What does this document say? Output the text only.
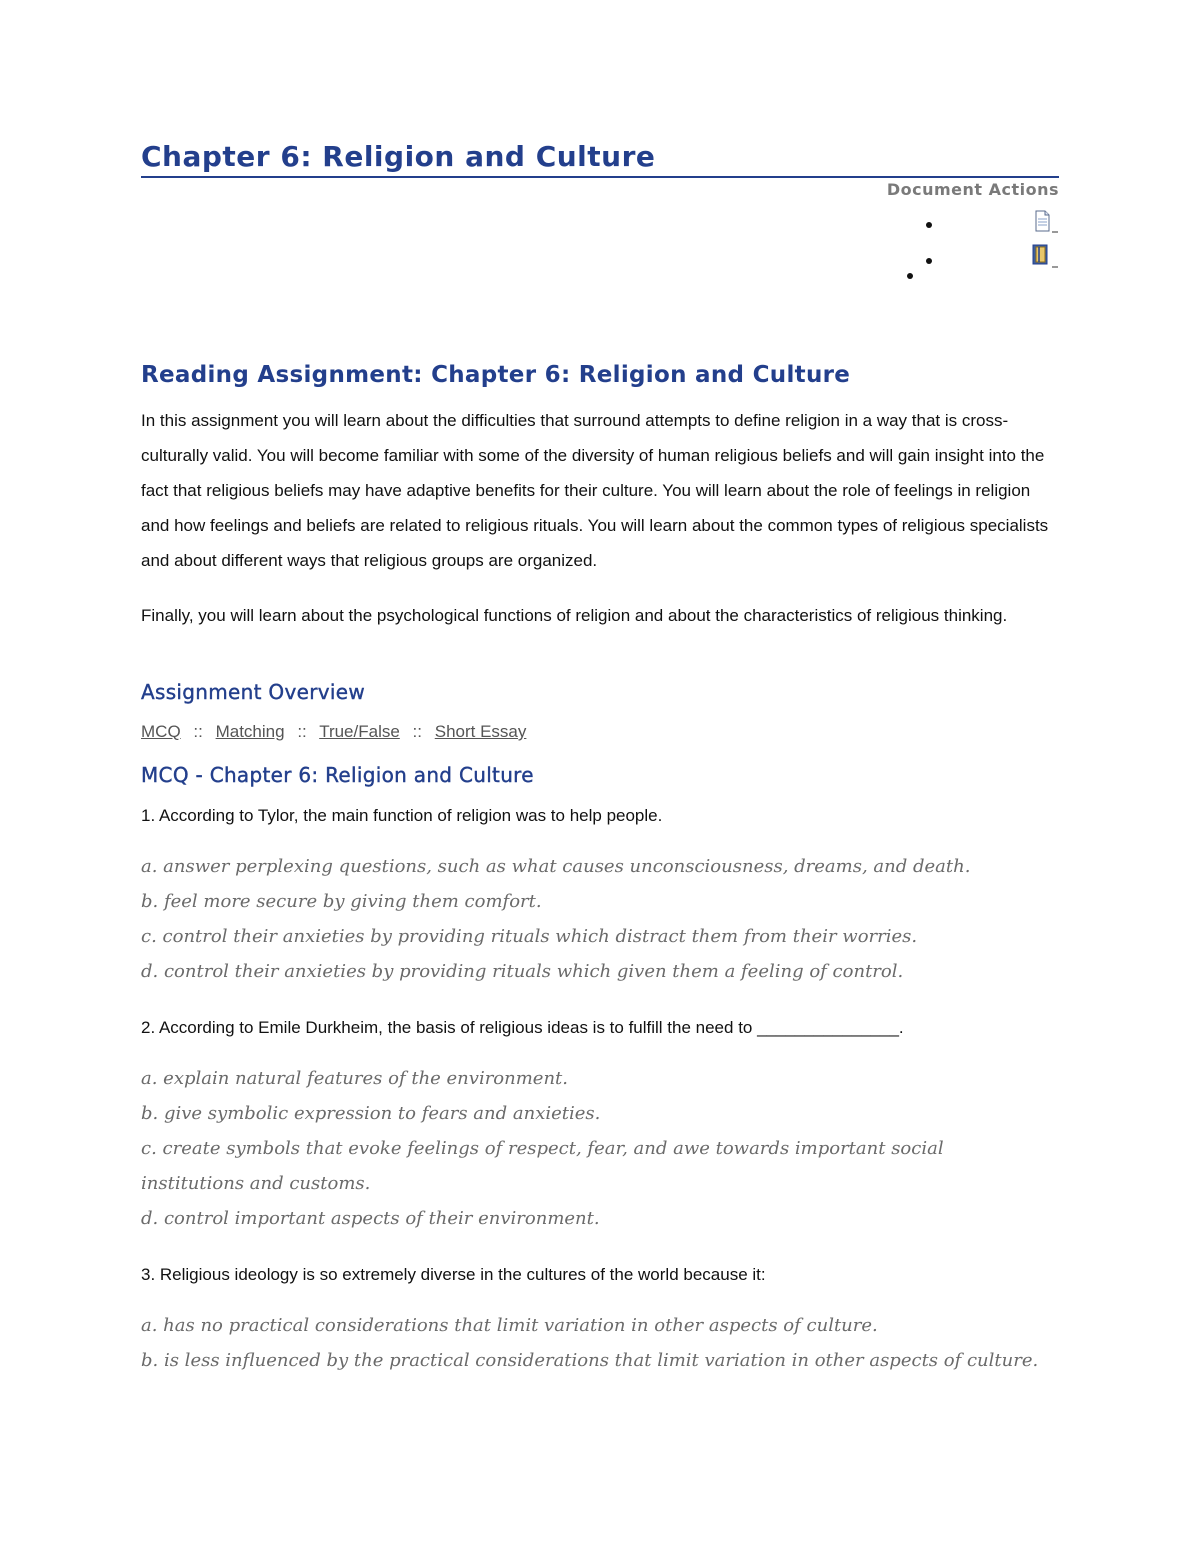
Chapter 6: Religion and Culture
Document Actions
Reading Assignment: Chapter 6: Religion and Culture
In this assignment you will learn about the difficulties that surround attempts to define religion in a way that is cross-culturally valid. You will become familiar with some of the diversity of human religious beliefs and will gain insight into the fact that religious beliefs may have adaptive benefits for their culture. You will learn about the role of feelings in religion and how feelings and beliefs are related to religious rituals. You will learn about the common types of religious specialists and about different ways that religious groups are organized.
Finally, you will learn about the psychological functions of religion and about the characteristics of religious thinking.
Assignment Overview
MCQ :: Matching :: True/False :: Short Essay
MCQ - Chapter 6: Religion and Culture
1. According to Tylor, the main function of religion was to help people.
a. answer perplexing questions, such as what causes unconsciousness, dreams, and death.
b. feel more secure by giving them comfort.
c. control their anxieties by providing rituals which distract them from their worries.
d. control their anxieties by providing rituals which given them a feeling of control.
2. According to Emile Durkheim, the basis of religious ideas is to fulfill the need to _______________.
a. explain natural features of the environment.
b. give symbolic expression to fears and anxieties.
c. create symbols that evoke feelings of respect, fear, and awe towards important social institutions and customs.
d. control important aspects of their environment.
3. Religious ideology is so extremely diverse in the cultures of the world because it:
a. has no practical considerations that limit variation in other aspects of culture.
b. is less influenced by the practical considerations that limit variation in other aspects of culture.
